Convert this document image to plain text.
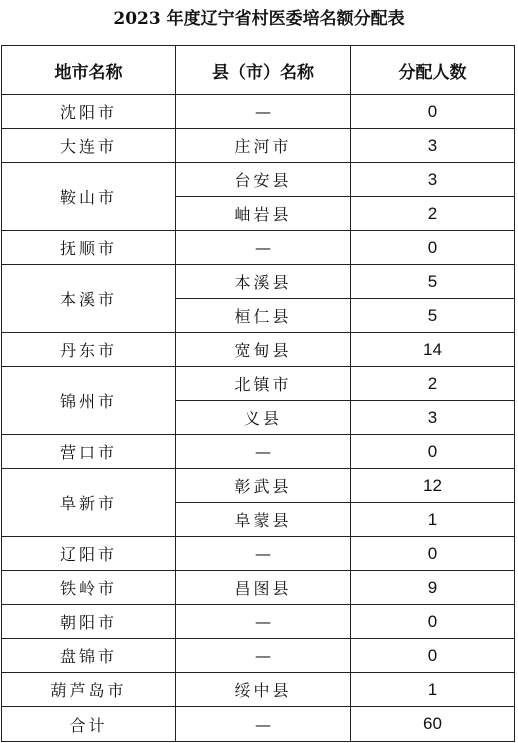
2023 年度辽宁省村医委培名额分配表
地市名称	县（市）名称	分配人数
沈阳市	—	0
大连市	庄河市	3
鞍山市	台安县	3
	岫岩县	2
抚顺市	—	0
本溪市	本溪县	5
	桓仁县	5
丹东市	宽甸县	14
锦州市	北镇市	2
	义县	3
营口市	—	0
阜新市	彰武县	12
	阜蒙县	1
辽阳市	—	0
铁岭市	昌图县	9
朝阳市	—	0
盘锦市	—	0
葫芦岛市	绥中县	1
合计	—	60
